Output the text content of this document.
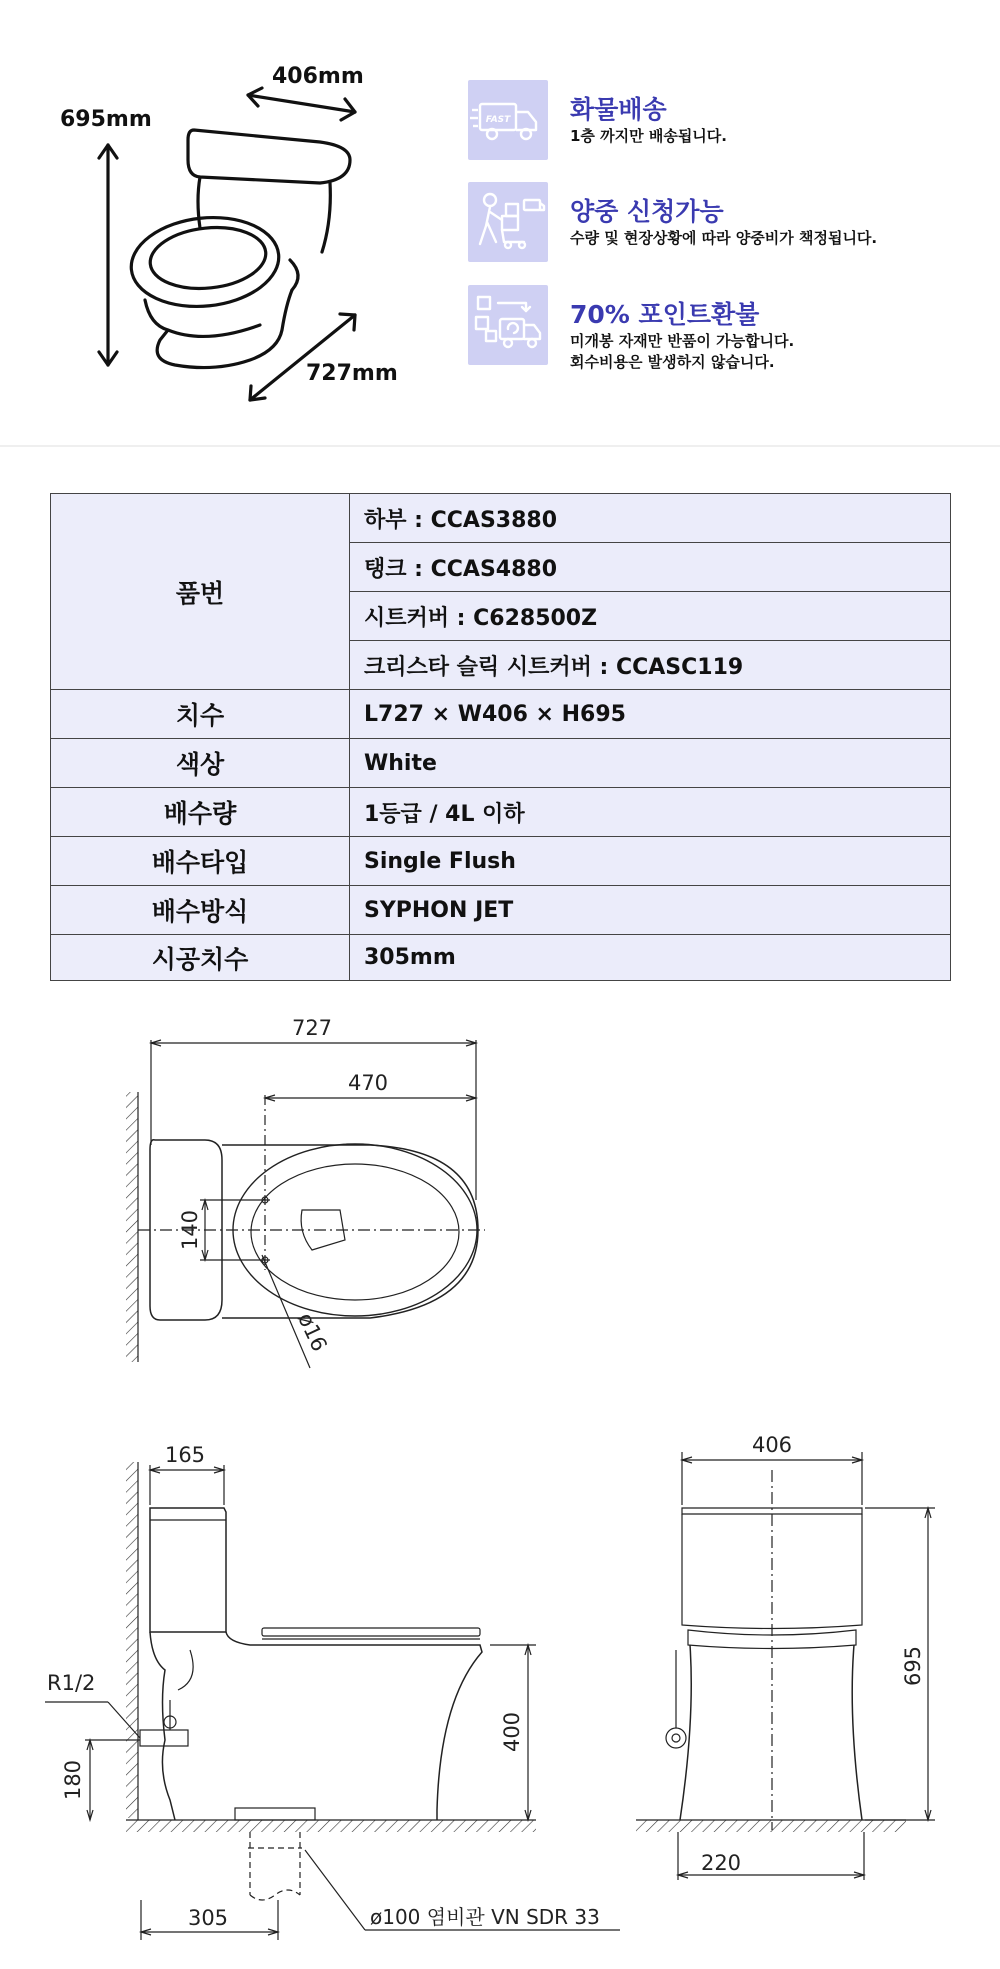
406mm
695mm
727mm
FAST 화물배송
1층 까지만 배송됩니다.
양중 신청가능
수량 및 현장상황에 따라 양중비가 책정됩니다.
70% 포인트환불
미개봉 자재만 반품이 가능합니다.
회수비용은 발생하지 않습니다.
품번	하부 : CCAS3880
	탱크 : CCAS4880
	시트커버 : C628500Z
	크리스타 슬릭 시트커버 : CCASC119
치수	L727 × W406 × H695
색상	White
배수량	1등급 / 4L 이하
배수타입	Single Flush
배수방식	SYPHON JET
시공치수	305mm
727
470
140
ø16
165
R1/2
180
400
305	ø100 염비관 VN SDR 33
406
695
220
